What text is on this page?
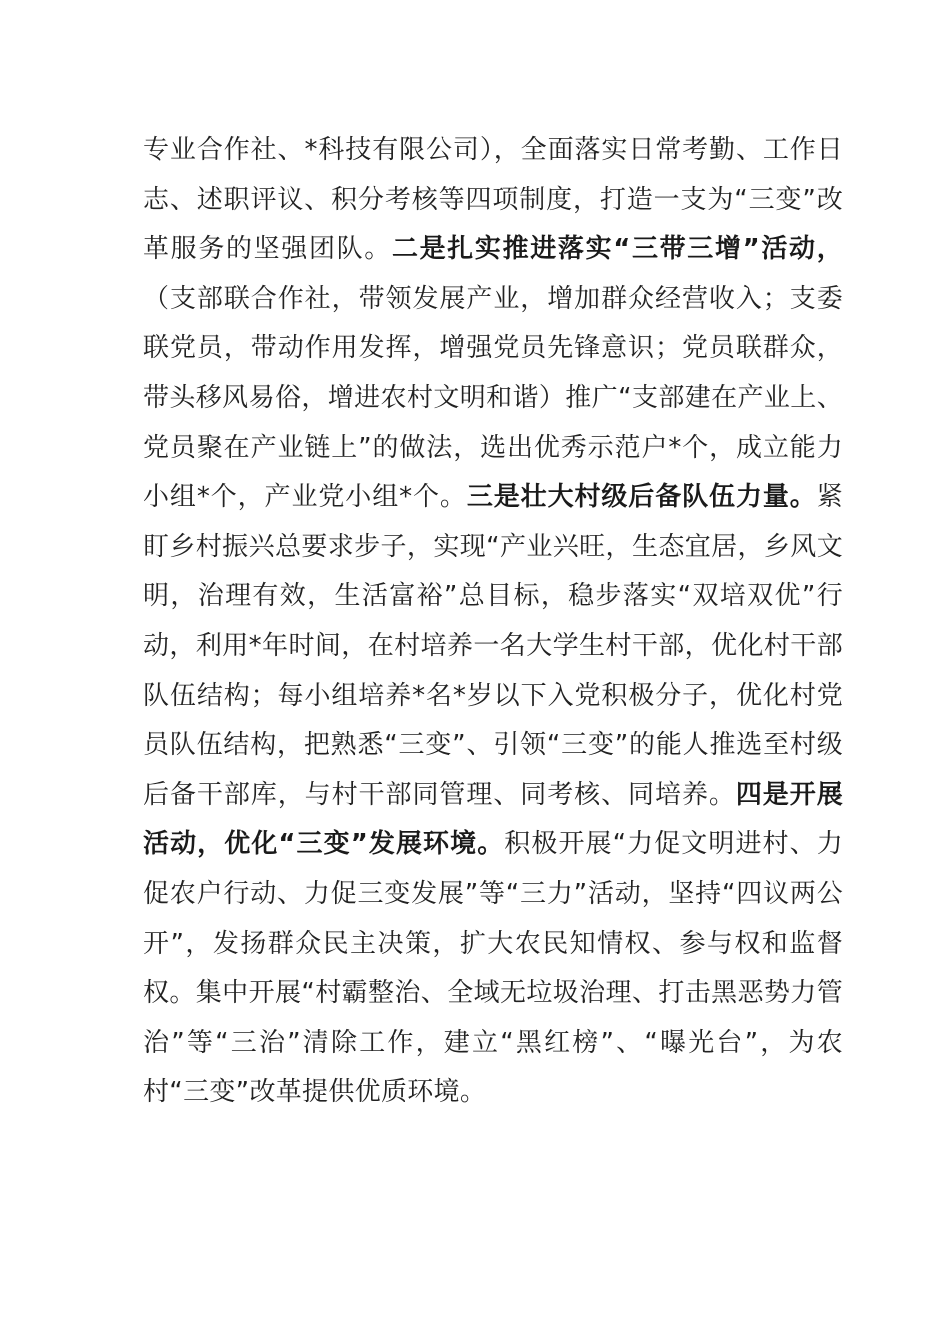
专业合作社、*科技有限公司），全面落实日常考勤、工作日志、述职评议、积分考核等四项制度，打造一支为“三变”改革服务的坚强团队。二是扎实推进落实“三带三增”活动，（支部联合作社，带领发展产业，增加群众经营收入；支委联党员，带动作用发挥，增强党员先锋意识；党员联群众，带头移风易俗，增进农村文明和谐）推广“支部建在产业上、党员聚在产业链上”的做法，选出优秀示范户*个，成立能力小组*个，产业党小组*个。三是壮大村级后备队伍力量。紧盯乡村振兴总要求步子，实现“产业兴旺，生态宜居，乡风文明，治理有效，生活富裕”总目标，稳步落实“双培双优”行动，利用*年时间，在村培养一名大学生村干部，优化村干部队伍结构；每小组培养*名*岁以下入党积极分子，优化村党员队伍结构，把熟悉“三变”、引领“三变”的能人推选至村级后备干部库，与村干部同管理、同考核、同培养。四是开展活动，优化“三变”发展环境。积极开展“力促文明进村、力促农户行动、力促三变发展”等“三力”活动，坚持“四议两公开”，发扬群众民主决策，扩大农民知情权、参与权和监督权。集中开展“村霸整治、全域无垃圾治理、打击黑恶势力管治”等“三治”清除工作，建立“黑红榜”、“曝光台”，为农村“三变”改革提供优质环境。
